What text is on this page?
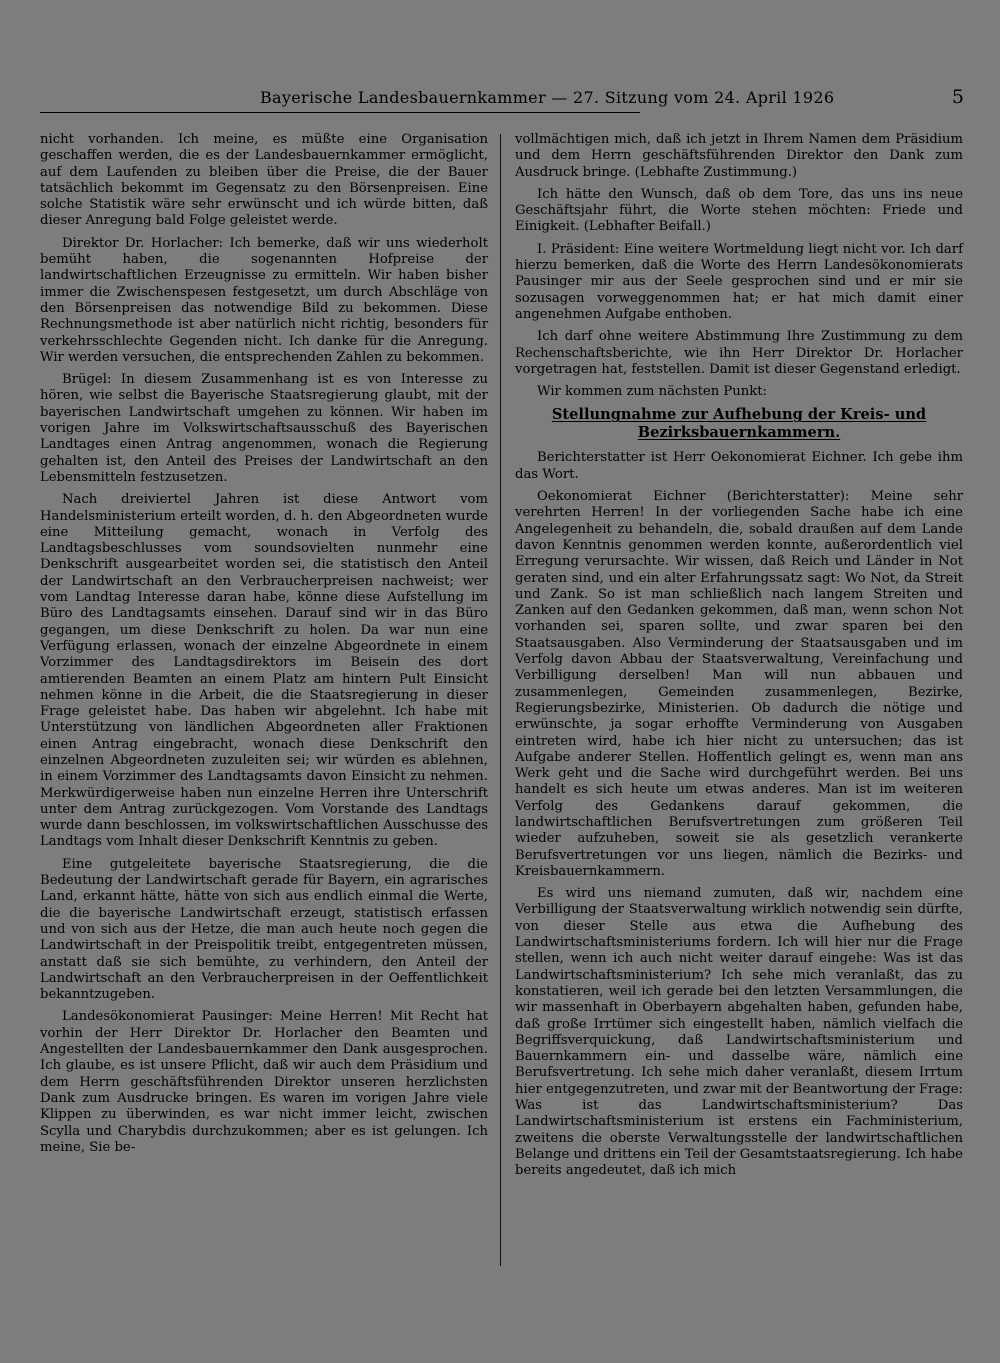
Bayerische Landesbauernkammer — 27. Sitzung vom 24. April 1926	5

nicht vorhanden. Ich meine, es müßte eine Organisation geschaffen werden, die es der Landesbauernkammer ermöglicht, auf dem Laufenden zu bleiben über die Preise, die der Bauer tatsächlich bekommt im Gegensatz zu den Börsenpreisen. Eine solche Statistik wäre sehr erwünscht und ich würde bitten, daß dieser Anregung bald Folge geleistet werde.

Direktor Dr. Horlacher: Ich bemerke, daß wir uns wiederholt bemüht haben, die sogenannten Hofpreise der landwirtschaftlichen Erzeugnisse zu ermitteln. Wir haben bisher immer die Zwischenspesen festgesetzt, um durch Abschläge von den Börsenpreisen das notwendige Bild zu bekommen. Diese Rechnungsmethode ist aber natürlich nicht richtig, besonders für verkehrsschlechte Gegenden nicht. Ich danke für die Anregung. Wir werden versuchen, die entsprechenden Zahlen zu bekommen.

Brügel: In diesem Zusammenhang ist es von Interesse zu hören, wie selbst die Bayerische Staatsregierung glaubt, mit der bayerischen Landwirtschaft umgehen zu können. Wir haben im vorigen Jahre im Volkswirtschaftsausschuß des Bayerischen Landtages einen Antrag angenommen, wonach die Regierung gehalten ist, den Anteil des Preises der Landwirtschaft an den Lebensmitteln festzusetzen.

Nach dreiviertel Jahren ist diese Antwort vom Handelsministerium erteilt worden, d. h. den Abgeordneten wurde eine Mitteilung gemacht, wonach in Verfolg des Landtagsbeschlusses vom soundsovielten nunmehr eine Denkschrift ausgearbeitet worden sei, die statistisch den Anteil der Landwirtschaft an den Verbraucherpreisen nachweist; wer vom Landtag Interesse daran habe, könne diese Aufstellung im Büro des Landtagsamts einsehen. Darauf sind wir in das Büro gegangen, um diese Denkschrift zu holen. Da war nun eine Verfügung erlassen, wonach der einzelne Abgeordnete in einem Vorzimmer des Landtagsdirektors im Beisein des dort amtierenden Beamten an einem Platz am hintern Pult Einsicht nehmen könne in die Arbeit, die die Staatsregierung in dieser Frage geleistet habe. Das haben wir abgelehnt. Ich habe mit Unterstützung von ländlichen Abgeordneten aller Fraktionen einen Antrag eingebracht, wonach diese Denkschrift den einzelnen Abgeordneten zuzuleiten sei; wir würden es ablehnen, in einem Vorzimmer des Landtagsamts davon Einsicht zu nehmen. Merkwürdigerweise haben nun einzelne Herren ihre Unterschrift unter dem Antrag zurückgezogen. Vom Vorstande des Landtags wurde dann beschlossen, im volkswirtschaftlichen Ausschusse des Landtags vom Inhalt dieser Denkschrift Kenntnis zu geben.

Eine gutgeleitete bayerische Staatsregierung, die die Bedeutung der Landwirtschaft gerade für Bayern, ein agrarisches Land, erkannt hätte, hätte von sich aus endlich einmal die Werte, die die bayerische Landwirtschaft erzeugt, statistisch erfassen und von sich aus der Hetze, die man auch heute noch gegen die Landwirtschaft in der Preispolitik treibt, entgegentreten müssen, anstatt daß sie sich bemühte, zu verhindern, den Anteil der Landwirtschaft an den Verbraucherpreisen in der Oeffentlichkeit bekanntzugeben.

Landesökonomierat Pausinger: Meine Herren! Mit Recht hat vorhin der Herr Direktor Dr. Horlacher den Beamten und Angestellten der Landesbauernkammer den Dank ausgesprochen. Ich glaube, es ist unsere Pflicht, daß wir auch dem Präsidium und dem Herrn geschäftsführenden Direktor unseren herzlichsten Dank zum Ausdrucke bringen. Es waren im vorigen Jahre viele Klippen zu überwinden, es war nicht immer leicht, zwischen Scylla und Charybdis durchzukommen; aber es ist gelungen. Ich meine, Sie be-

vollmächtigen mich, daß ich jetzt in Ihrem Namen dem Präsidium und dem Herrn geschäftsführenden Direktor den Dank zum Ausdruck bringe. (Lebhafte Zustimmung.)

Ich hätte den Wunsch, daß ob dem Tore, das uns ins neue Geschäftsjahr führt, die Worte stehen möchten: Friede und Einigkeit. (Lebhafter Beifall.)

I. Präsident: Eine weitere Wortmeldung liegt nicht vor. Ich darf hierzu bemerken, daß die Worte des Herrn Landesökonomierats Pausinger mir aus der Seele gesprochen sind und er mir sie sozusagen vorweggenommen hat; er hat mich damit einer angenehmen Aufgabe enthoben.

Ich darf ohne weitere Abstimmung Ihre Zustimmung zu dem Rechenschaftsberichte, wie ihn Herr Direktor Dr. Horlacher vorgetragen hat, feststellen. Damit ist dieser Gegenstand erledigt.

Wir kommen zum nächsten Punkt:

Stellungnahme zur Aufhebung der Kreis- und
Bezirksbauernkammern.

Berichterstatter ist Herr Oekonomierat Eichner. Ich gebe ihm das Wort.

Oekonomierat Eichner (Berichterstatter): Meine sehr verehrten Herren! In der vorliegenden Sache habe ich eine Angelegenheit zu behandeln, die, sobald draußen auf dem Lande davon Kenntnis genommen werden konnte, außerordentlich viel Erregung verursachte. Wir wissen, daß Reich und Länder in Not geraten sind, und ein alter Erfahrungssatz sagt: Wo Not, da Streit und Zank. So ist man schließlich nach langem Streiten und Zanken auf den Gedanken gekommen, daß man, wenn schon Not vorhanden sei, sparen sollte, und zwar sparen bei den Staatsausgaben. Also Verminderung der Staatsausgaben und im Verfolg davon Abbau der Staatsverwaltung, Vereinfachung und Verbilligung derselben! Man will nun abbauen und zusammenlegen, Gemeinden zusammenlegen, Bezirke, Regierungsbezirke, Ministerien. Ob dadurch die nötige und erwünschte, ja sogar erhoffte Verminderung von Ausgaben eintreten wird, habe ich hier nicht zu untersuchen; das ist Aufgabe anderer Stellen. Hoffentlich gelingt es, wenn man ans Werk geht und die Sache wird durchgeführt werden. Bei uns handelt es sich heute um etwas anderes. Man ist im weiteren Verfolg des Gedankens darauf gekommen, die landwirtschaftlichen Berufsvertretungen zum größeren Teil wieder aufzuheben, soweit sie als gesetzlich verankerte Berufsvertretungen vor uns liegen, nämlich die Bezirks- und Kreisbauernkammern.

Es wird uns niemand zumuten, daß wir, nachdem eine Verbilligung der Staatsverwaltung wirklich notwendig sein dürfte, von dieser Stelle aus etwa die Aufhebung des Landwirtschaftsministeriums fordern. Ich will hier nur die Frage stellen, wenn ich auch nicht weiter darauf eingehe: Was ist das Landwirtschaftsministerium? Ich sehe mich veranlaßt, das zu konstatieren, weil ich gerade bei den letzten Versammlungen, die wir massenhaft in Oberbayern abgehalten haben, gefunden habe, daß große Irrtümer sich eingestellt haben, nämlich vielfach die Begriffsverquickung, daß Landwirtschaftsministerium und Bauernkammern ein- und dasselbe wäre, nämlich eine Berufsvertretung. Ich sehe mich daher veranlaßt, diesem Irrtum hier entgegenzutreten, und zwar mit der Beantwortung der Frage: Was ist das Landwirtschaftsministerium? Das Landwirtschaftsministerium ist erstens ein Fachministerium, zweitens die oberste Verwaltungsstelle der landwirtschaftlichen Belange und drittens ein Teil der Gesamtstaatsregierung. Ich habe bereits angedeutet, daß ich mich
